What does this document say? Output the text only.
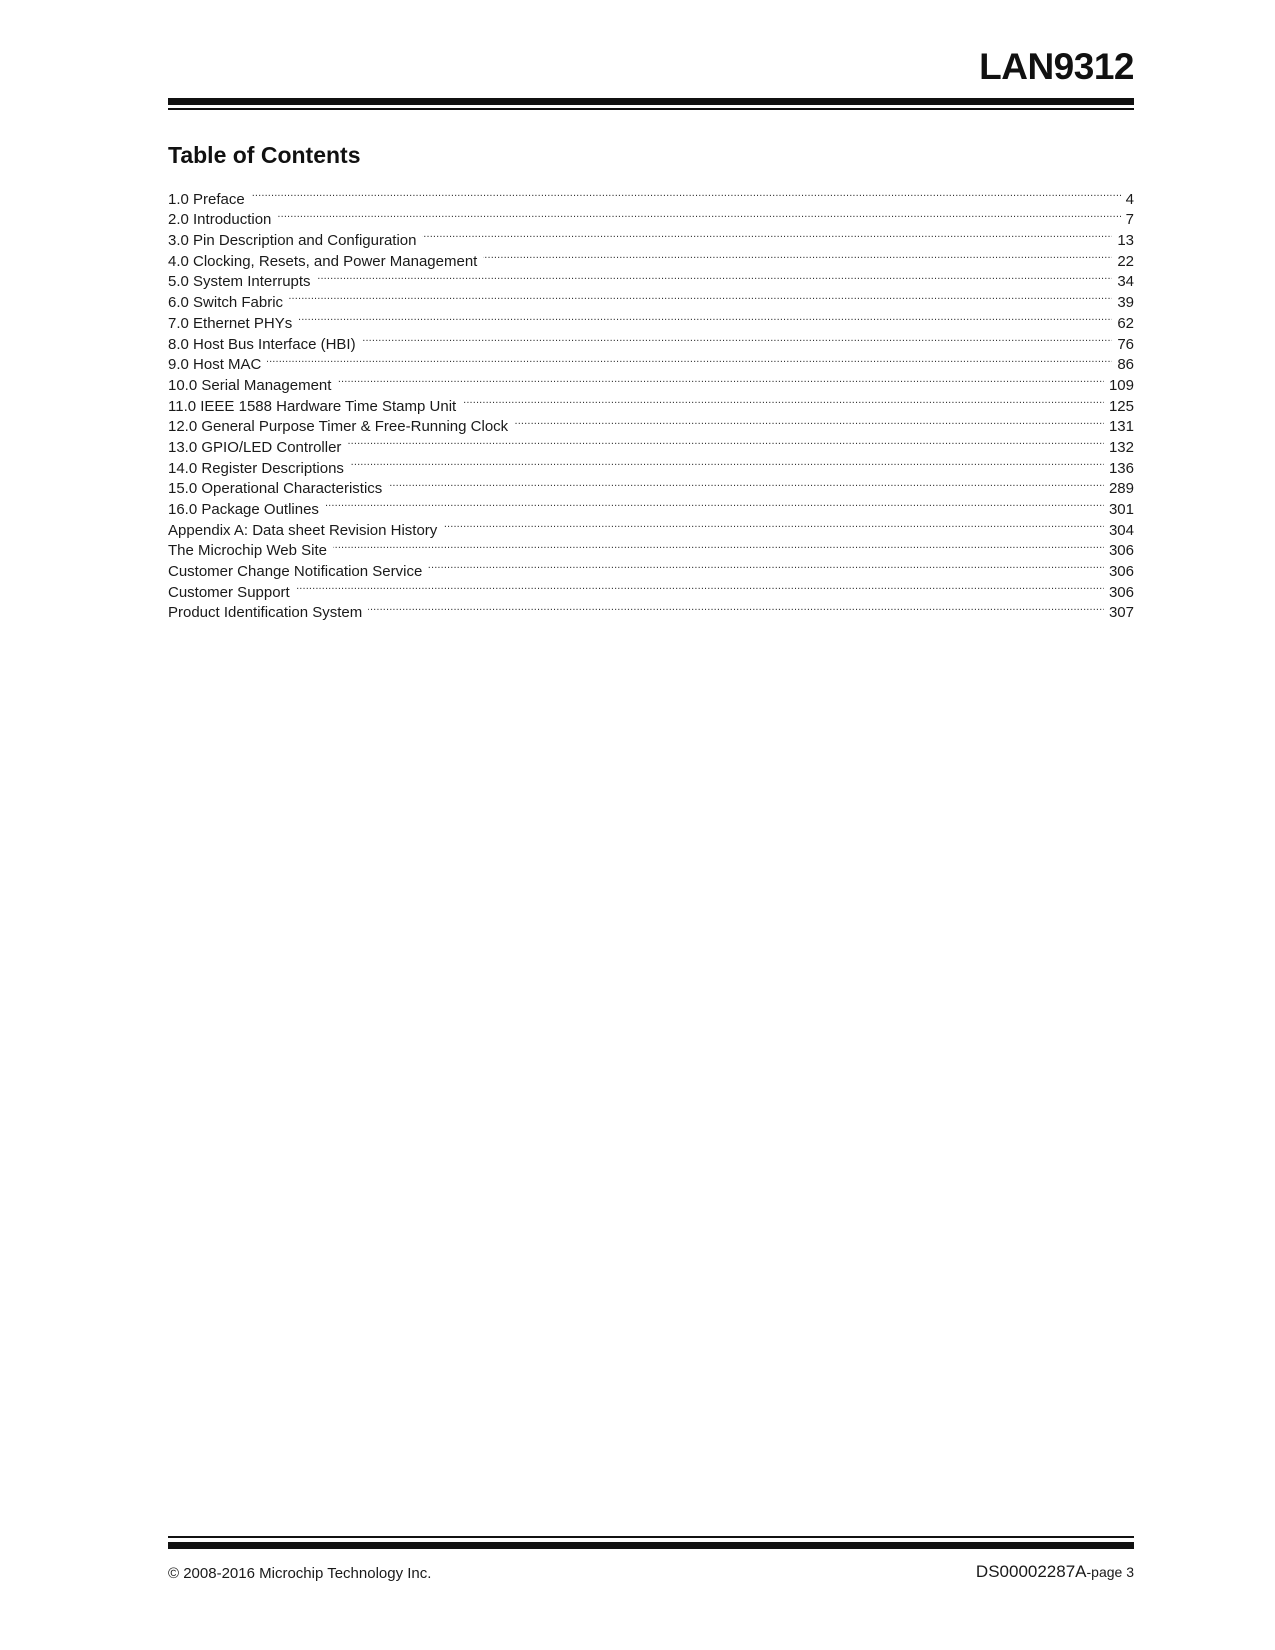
LAN9312
Table of Contents
1.0 Preface . . .	4
2.0 Introduction . . .	7
3.0 Pin Description and Configuration . . .	13
4.0 Clocking, Resets, and Power Management . . .	22
5.0 System Interrupts . . .	34
6.0 Switch Fabric . . .	39
7.0 Ethernet PHYs . . .	62
8.0 Host Bus Interface (HBI) . . .	76
9.0 Host MAC . . .	86
10.0 Serial Management . . .	109
11.0 IEEE 1588 Hardware Time Stamp Unit . . .	125
12.0 General Purpose Timer & Free-Running Clock . . .	131
13.0 GPIO/LED Controller . . .	132
14.0 Register Descriptions . . .	136
15.0 Operational Characteristics . . .	289
16.0 Package Outlines . . .	301
Appendix A: Data sheet Revision History . . .	304
The Microchip Web Site . . .	306
Customer Change Notification Service . . .	306
Customer Support . . .	306
Product Identification System . . .	307
© 2008-2016 Microchip Technology Inc.	DS00002287A-page 3
